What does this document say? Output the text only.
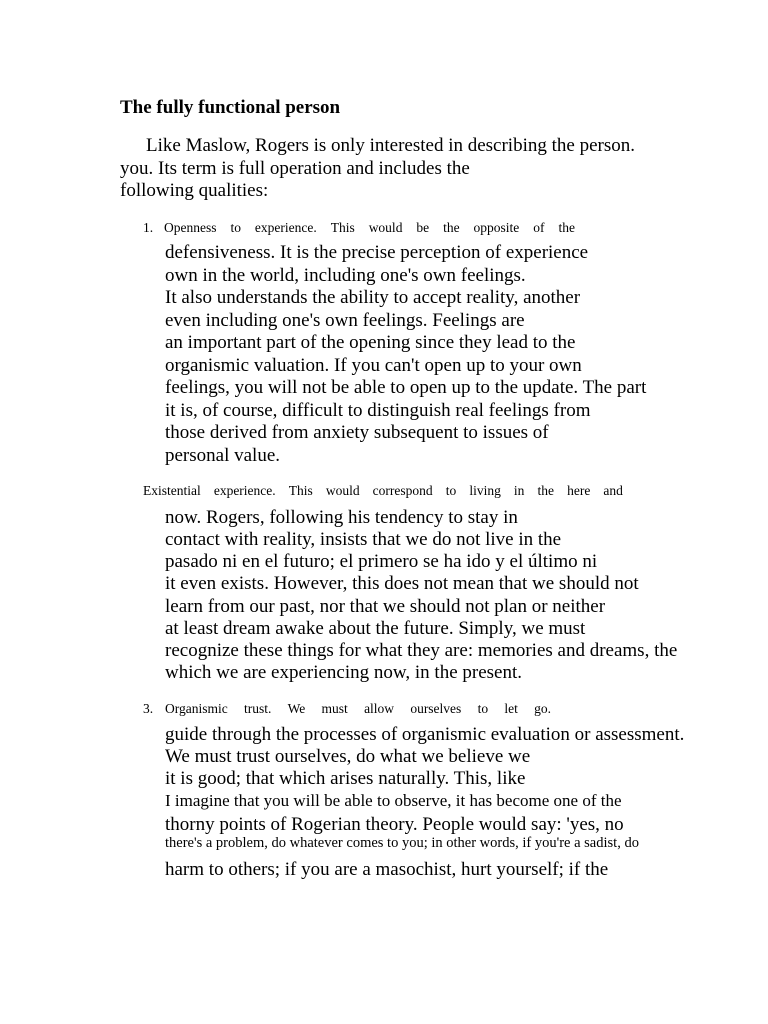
The fully functional person
Like Maslow, Rogers is only interested in describing the person.
you. Its term is full operation and includes the
following qualities:
1. Openness to experience. This would be the opposite of the
defensiveness. It is the precise perception of experience
own in the world, including one's own feelings.
It also understands the ability to accept reality, another
even including one's own feelings. Feelings are
an important part of the opening since they lead to the
organismic valuation. If you can't open up to your own
feelings, you will not be able to open up to the update. The part
it is, of course, difficult to distinguish real feelings from
those derived from anxiety subsequent to issues of
personal value.
Existential experience. This would correspond to living in the here and
now. Rogers, following his tendency to stay in
contact with reality, insists that we do not live in the
pasado ni en el futuro; el primero se ha ido y el último ni
it even exists. However, this does not mean that we should not
learn from our past, nor that we should not plan or neither
at least dream awake about the future. Simply, we must
recognize these things for what they are: memories and dreams, the
which we are experiencing now, in the present.
3. Organismic trust. We must allow ourselves to let go.
guide through the processes of organismic evaluation or assessment.
We must trust ourselves, do what we believe we
it is good; that which arises naturally. This, like
I imagine that you will be able to observe, it has become one of the
thorny points of Rogerian theory. People would say: 'yes, no
there's a problem, do whatever comes to you; in other words, if you're a sadist, do
harm to others; if you are a masochist, hurt yourself; if the
